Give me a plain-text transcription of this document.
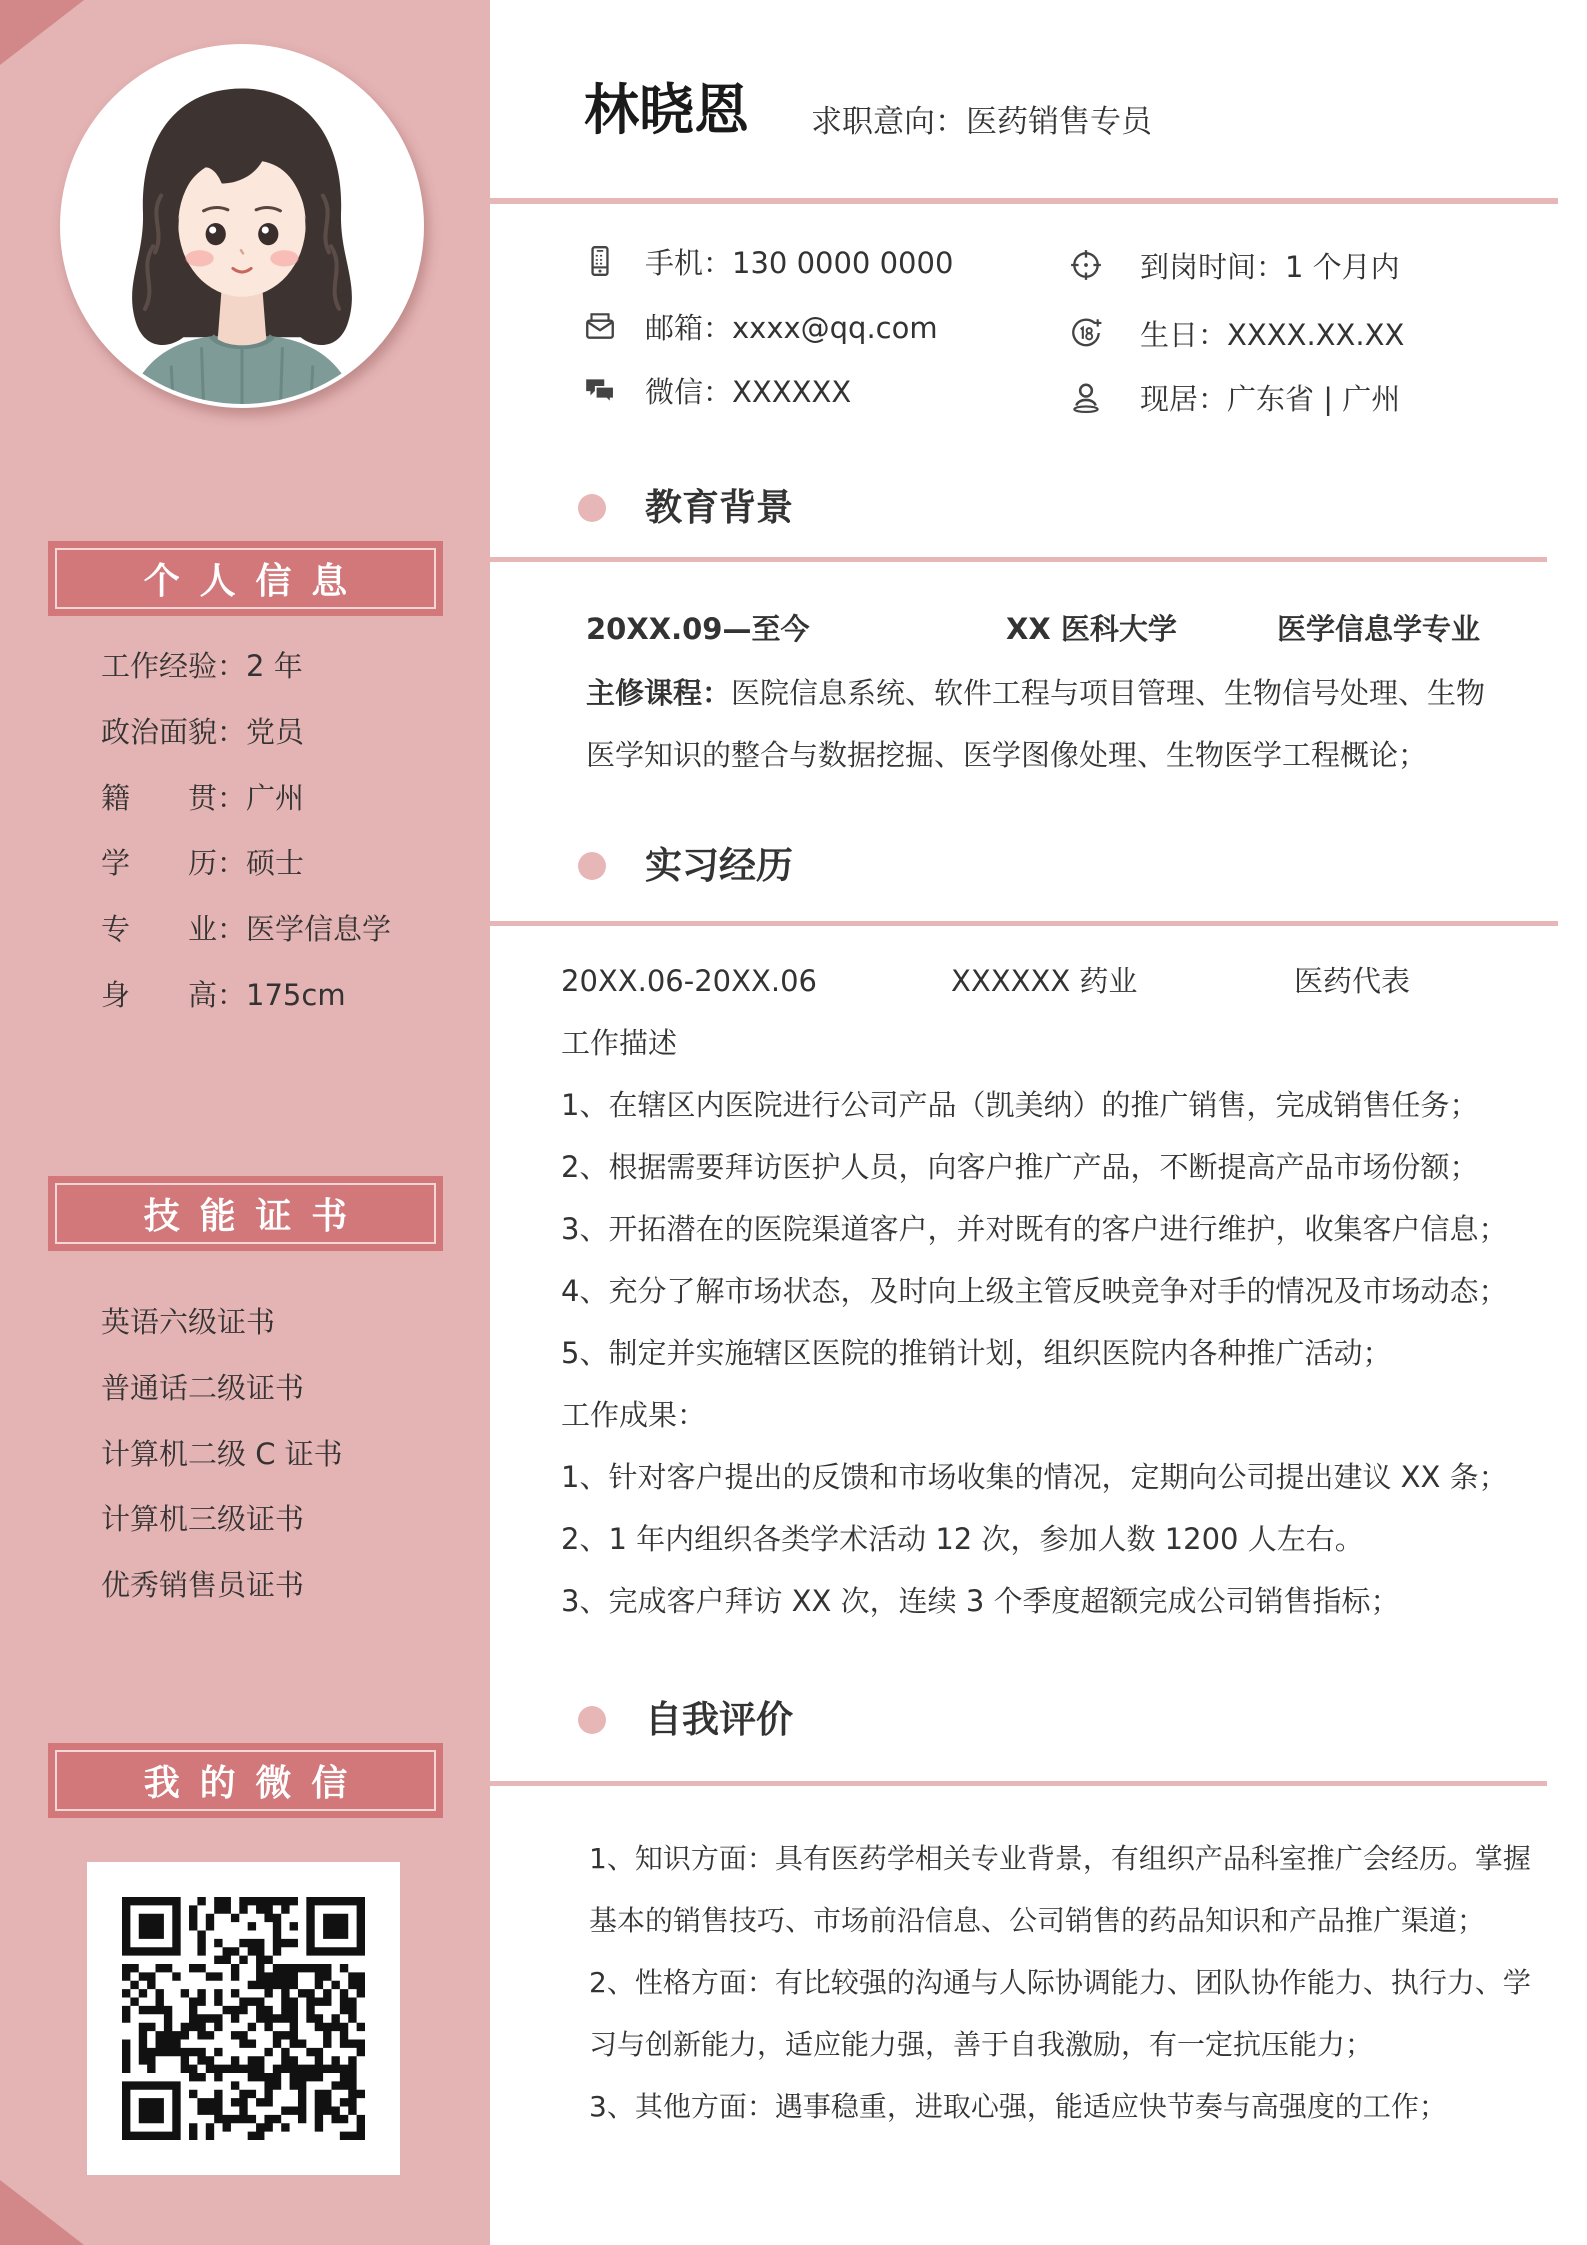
个人信息
工作经验：2 年
政治面貌：党员
籍　　贯：广州
学　　历：硕士
专　　业：医学信息学
身　　高：175cm
技能证书
英语六级证书
普通话二级证书
计算机二级 C 证书
计算机三级证书
优秀销售员证书
我的微信
林晓恩 求职意向：医药销售专员
手机：130 0000 0000
邮箱：xxxx@qq.com
微信：XXXXXX
到岗时间：1 个月内
生日：XXXX.XX.XX
现居：广东省 | 广州
教育背景
20XX.09—至今	XX 医科大学	医学信息学专业

主修课程：医院信息系统、软件工程与项目管理、生物信号处理、生物医学知识的整合与数据挖掘、医学图像处理、生物医学工程概论；

实习经历
20XX.06-20XX.06	XXXXXX 药业	医药代表
工作描述
1、在辖区内医院进行公司产品（凯美纳）的推广销售，完成销售任务；
2、根据需要拜访医护人员，向客户推广产品，不断提高产品市场份额；
3、开拓潜在的医院渠道客户，并对既有的客户进行维护，收集客户信息；
4、充分了解市场状态，及时向上级主管反映竞争对手的情况及市场动态；
5、制定并实施辖区医院的推销计划，组织医院内各种推广活动；
工作成果：
1、针对客户提出的反馈和市场收集的情况，定期向公司提出建议 XX 条；
2、1 年内组织各类学术活动 12 次，参加人数 1200 人左右。
3、完成客户拜访 XX 次，连续 3 个季度超额完成公司销售指标；
自我评价
1、知识方面：具有医药学相关专业背景，有组织产品科室推广会经历。掌握基本的销售技巧、市场前沿信息、公司销售的药品知识和产品推广渠道；
2、性格方面：有比较强的沟通与人际协调能力、团队协作能力、执行力、学习与创新能力，适应能力强，善于自我激励，有一定抗压能力；
3、其他方面：遇事稳重，进取心强，能适应快节奏与高强度的工作；
